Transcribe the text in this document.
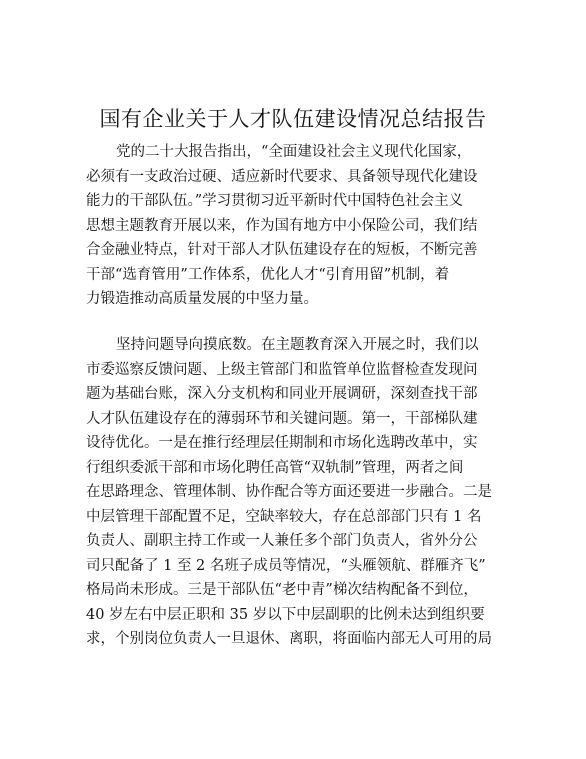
国有企业关于人才队伍建设情况总结报告
党的二十大报告指出，“全面建设社会主义现代化国家，
必须有一支政治过硬、适应新时代要求、具备领导现代化建设
能力的干部队伍。”学习贯彻习近平新时代中国特色社会主义
思想主题教育开展以来，作为国有地方中小保险公司，我们结
合金融业特点，针对干部人才队伍建设存在的短板，不断完善
干部“选育管用”工作体系，优化人才“引育用留”机制，着
力锻造推动高质量发展的中坚力量。
坚持问题导向摸底数。在主题教育深入开展之时，我们以
市委巡察反馈问题、上级主管部门和监管单位监督检查发现问
题为基础台账，深入分支机构和同业开展调研，深刻查找干部
人才队伍建设存在的薄弱环节和关键问题。第一，干部梯队建
设待优化。一是在推行经理层任期制和市场化选聘改革中，实
行组织委派干部和市场化聘任高管“双轨制”管理，两者之间
在思路理念、管理体制、协作配合等方面还要进一步融合。二是
中层管理干部配置不足，空缺率较大，存在总部部门只有 1 名
负责人、副职主持工作或一人兼任多个部门负责人，省外分公
司只配备了 1 至 2 名班子成员等情况，“头雁领航、群雁齐飞”
格局尚未形成。三是干部队伍“老中青”梯次结构配备不到位，
40 岁左右中层正职和 35 岁以下中层副职的比例未达到组织要
求，个别岗位负责人一旦退休、离职，将面临内部无人可用的局
